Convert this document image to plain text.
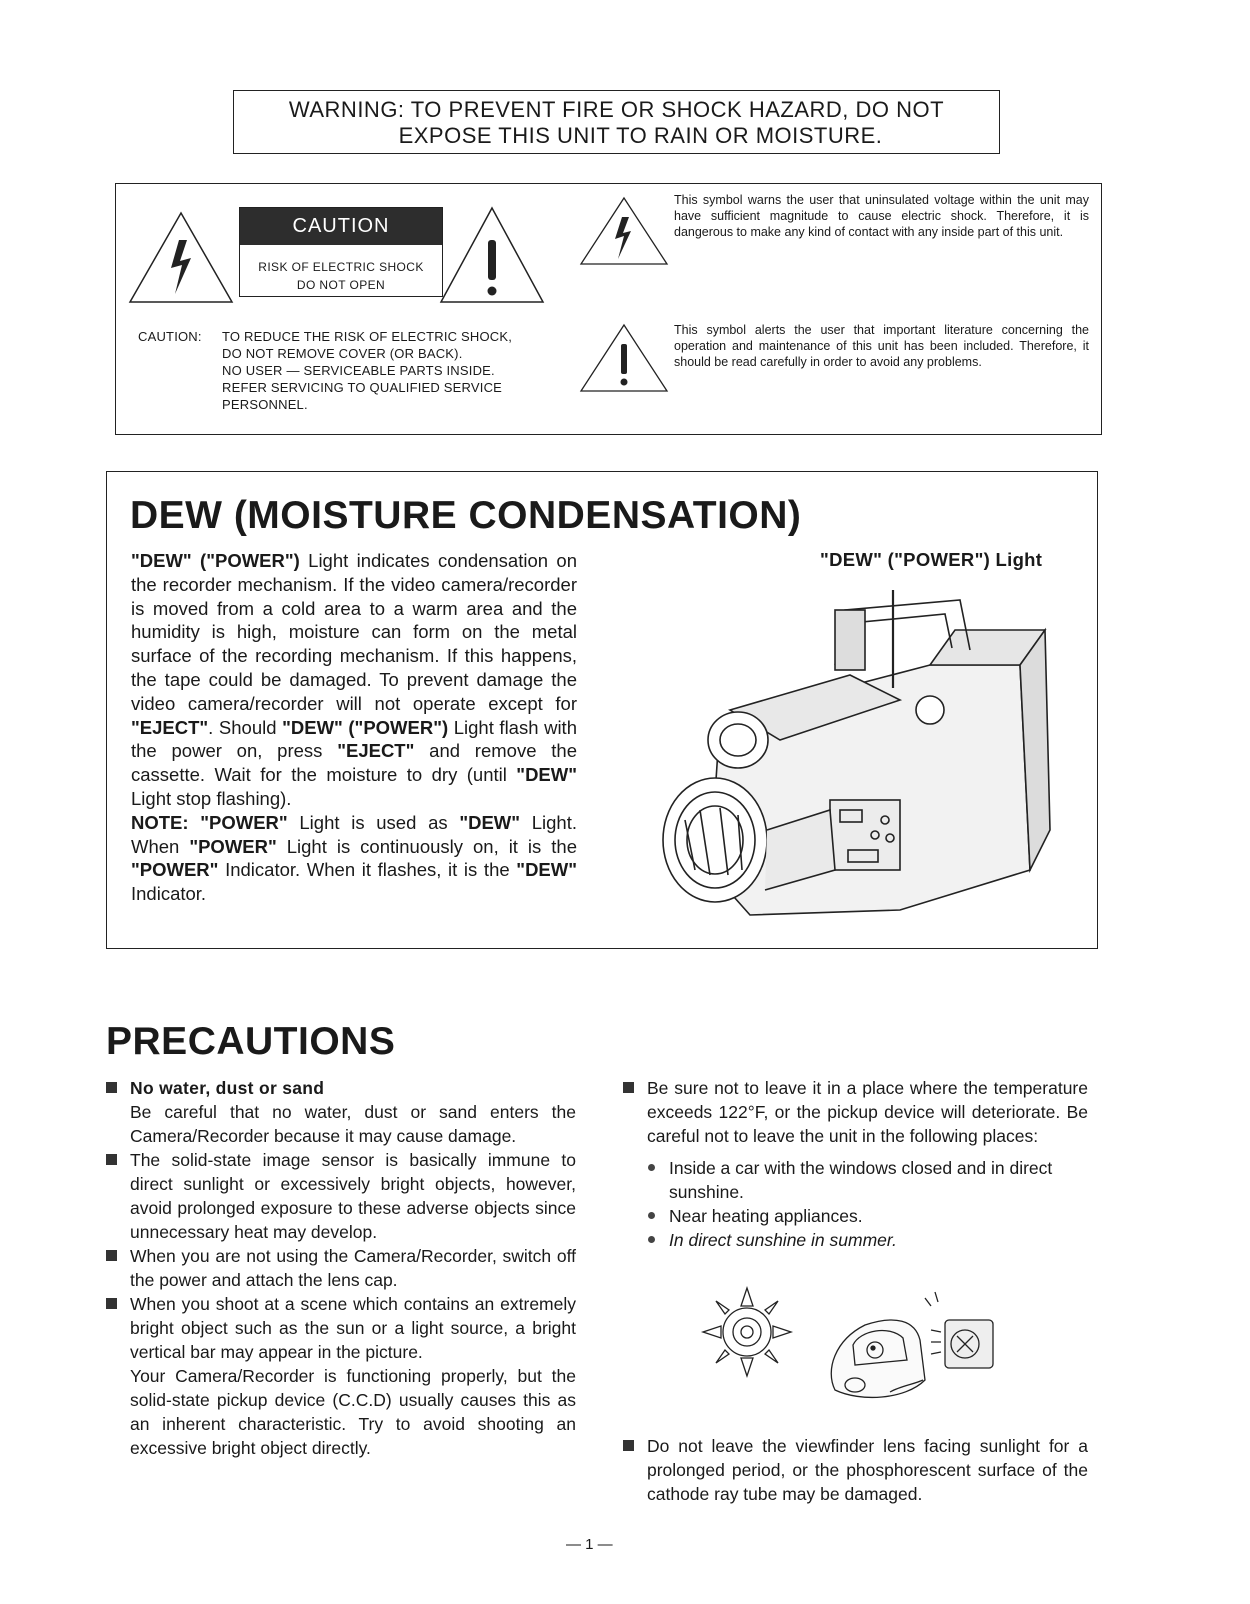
WARNING: TO PREVENT FIRE OR SHOCK HAZARD, DO NOT
EXPOSE THIS UNIT TO RAIN OR MOISTURE.
CAUTION
RISK OF ELECTRIC SHOCK
DO NOT OPEN
CAUTION: TO REDUCE THE RISK OF ELECTRIC SHOCK,
DO NOT REMOVE COVER (OR BACK).
NO USER — SERVICEABLE PARTS INSIDE.
REFER SERVICING TO QUALIFIED SERVICE
PERSONNEL.
This symbol warns the user that uninsulated voltage within the unit may have sufficient magnitude to cause electric shock. Therefore, it is dangerous to make any kind of contact with any inside part of this unit.
This symbol alerts the user that important literature concerning the operation and maintenance of this unit has been included. Therefore, it should be read carefully in order to avoid any problems.
DEW (MOISTURE CONDENSATION)
"DEW" ("POWER") Light indicates condensation on the recorder mechanism. If the video camera/recorder is moved from a cold area to a warm area and the humidity is high, moisture can form on the metal surface of the recording mechanism. If this happens, the tape could be damaged. To prevent damage the video camera/recorder will not operate except for "EJECT". Should "DEW" ("POWER") Light flash with the power on, press "EJECT" and remove the cassette. Wait for the moisture to dry (until "DEW" Light stop flashing).
NOTE: "POWER" Light is used as "DEW" Light. When "POWER" Light is continuously on, it is the "POWER" Indicator. When it flashes, it is the "DEW" Indicator.
"DEW" ("POWER") Light
PRECAUTIONS
No water, dust or sand
Be careful that no water, dust or sand enters the Camera/Recorder because it may cause damage.
The solid-state image sensor is basically immune to direct sunlight or excessively bright objects, however, avoid prolonged exposure to these adverse objects since unnecessary heat may develop.
When you are not using the Camera/Recorder, switch off the power and attach the lens cap.
When you shoot at a scene which contains an extremely bright object such as the sun or a light source, a bright vertical bar may appear in the picture.
Your Camera/Recorder is functioning properly, but the solid-state pickup device (C.C.D) usually causes this as an inherent characteristic. Try to avoid shooting an excessive bright object directly.
Be sure not to leave it in a place where the temperature exceeds 122°F, or the pickup device will deteriorate. Be careful not to leave the unit in the following places:
Inside a car with the windows closed and in direct sunshine.
Near heating appliances.
In direct sunshine in summer.
Do not leave the viewfinder lens facing sunlight for a prolonged period, or the phosphorescent surface of the cathode ray tube may be damaged.
— 1 —
